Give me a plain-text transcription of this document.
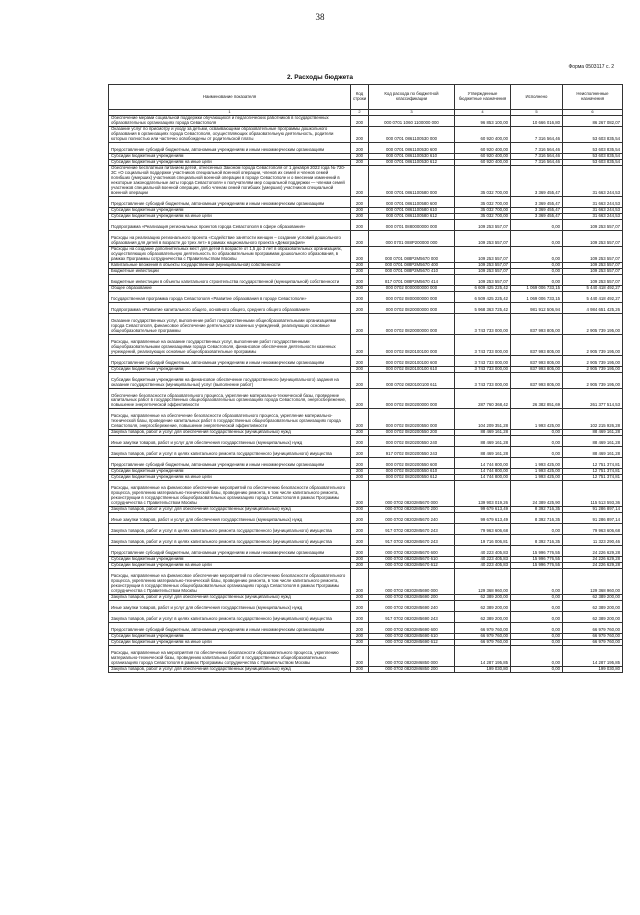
38
Форма 0503117 с. 2
2. Расходы бюджета
Наименование показателя	Код строки	Код расхода по бюджетной классификации	Утвержденные бюджетные назначения	Исполнено	Неисполненные назначения
1	2	3	4	5	6
Обеспечение мерами социальной поддержки обучающихся и педагогических работников в государственных образовательных организациях города Севастополя	200	000 0701 1060 1100000 000	96 853 100,00	10 666 016,80	86 267 082,07
Оказание услуг по присмотру и уходу за детьми, осваивающими образовательные программы дошкольного образования в организациях города Севастополя, осуществляющих образовательную деятельность, родители которых полностью или частично освобождены от родительской платы	200	000 0701 0861100530 000	60 920 400,00	7 316 564,46	53 603 835,54
Предоставление субсидий бюджетным, автономным учреждениям и иным некоммерческим организациям	200	000 0701 0861100530 600	60 920 400,00	7 316 564,46	53 603 835,54
Субсидии бюджетным учреждениям	200	000 0701 0861100530 610	60 920 400,00	7 316 564,46	53 603 835,54
Субсидии бюджетным учреждениям на иные цели	200	000 0701 0861100530 612	60 920 400,00	7 316 564,46	53 603 835,54
Обеспечение бесплатным питанием детей, отнесенных Законом города Севастополя от 1 декабря 2022 года № 720-ЗС «О социальной поддержке участников специальной военной операции, членов их семей и членов семей погибших (умерших) участников специальной военной операции в городе Севастополе и о внесении изменений в некоторые законодательные акты города Севастополя» к получателям мер социальной поддержки — членам семей участников специальной военной операции, либо членам семей погибших (умерших) участников специальной военной операции	200	000 0701 0861100580 000	35 032 700,00	3 369 455,47	31 663 244,53
Предоставление субсидий бюджетным, автономным учреждениям и иным некоммерческим организациям	200	000 0701 0861100580 600	35 032 700,00	3 369 455,47	31 663 244,53
Субсидии бюджетным учреждениям	200	000 0701 0861100580 610	35 032 700,00	3 369 455,47	31 663 244,53
Субсидии бюджетным учреждениям на иные цели	200	000 0701 0861100580 612	35 032 700,00	3 369 455,47	31 663 244,53
Подпрограмма «Реализация региональных проектов города Севастополя в сфере образования»	200	000 0701 0880000000 000	109 253 557,07	0,00	109 253 557,07
Расходы на реализацию регионального проекта «Содействие занятости женщин – создание условий дошкольного образования для детей в возрасте до трех лет» в рамках национального проекта «Демография»	200	000 0701 088P200000 000	109 253 557,07	0,00	109 253 557,07
Расходы на создание дополнительных мест для детей в возрасте от 1,5 до 3 лет в образовательных организациях, осуществляющих образовательную деятельность по образовательным программам дошкольного образования, в рамках Программы сотрудничества с Правительством Москвы	200	000 0701 088P2М5670 000	109 253 557,07	0,00	109 253 557,07
Капитальные вложения в объекты государственной (муниципальной) собственности	200	000 0701 088P2М5670 400	109 253 557,07	0,00	109 253 557,07
Бюджетные инвестиции	200	000 0701 088P2М5670 410	109 253 557,07	0,00	109 253 557,07
Бюджетные инвестиции в объекты капитального строительства государственной (муниципальной) собственности	200	817 0701 088P2М5670 414	109 253 557,07	0,00	109 253 557,07
Общее образование	200	000 0702 0000000000 000	6 609 425 225,42	1 069 006 733,15	5 440 418 492,27
Государственная программа города Севастополя «Развитие образования в городе Севастополе»	200	000 0702 0800000000 000	6 509 425 225,42	1 069 006 733,15	5 440 418 492,27
Подпрограмма «Развитие капитального общего, основного общего, среднего общего образования»	200	000 0702 0820000000 000	5 968 363 725,42	981 912 506,94	4 984 651 425,26
Оказание государственных услуг, выполнение работ государственными общеобразовательными организациями города Севастополя, финансовое обеспечение деятельности казенных учреждений, реализующих основные общеобразовательные программы	200	000 0702 0820000000 000	3 743 733 000,00	837 993 805,00	2 905 739 195,00
Расходы, направленные на оказание государственных услуг, выполнение работ государственными общеобразовательными организациями города Севастополя, финансовое обеспечение деятельности казенных учреждений, реализующих основные общеобразовательные программы	200	000 0702 0820100100 000	3 743 733 000,00	837 993 805,00	2 905 739 195,00
Предоставление субсидий бюджетным, автономным учреждениям и иным некоммерческим организациям	200	000 0702 0820100100 600	3 743 733 000,00	837 993 805,00	2 905 739 195,00
Субсидии бюджетным учреждениям	200	000 0702 0820100100 610	3 743 733 000,00	837 993 805,00	2 905 739 195,00
Субсидии бюджетным учреждениям на финансовое обеспечение государственного (муниципального) задания на оказание государственных (муниципальных) услуг (выполнение работ)	200	000 0702 0820100100 611	3 743 733 000,00	837 993 805,00	2 905 739 195,00
Обеспечение безопасности образовательного процесса, укрепление материально-технической базы, проведение капитальных работ в государственных общеобразовательных организациях города Севастополя, энергосбережение, повышение энергетической эффективности	200	000 0702 0820200000 000	287 760 368,42	26 382 851,69	261 377 514,53
Расходы, направленные на обеспечение безопасности образовательного процесса, укрепление материально-технической базы, проведение капитальных работ в государственных общеобразовательных организациях города Севастополя, энергосбережение, повышение энергетической эффективности	200	000 0702 0820200550 000	104 209 351,28	1 993 425,00	102 215 926,28
Закупка товаров, работ и услуг для обеспечения государственных (муниципальных) нужд	200	000 0702 0820200550 200	88 469 161,28	0,00	88 469 161,28
Иные закупки товаров, работ и услуг для обеспечения государственных (муниципальных) нужд	200	000 0702 0820200550 240	88 469 161,28	0,00	88 469 161,28
Закупка товаров, работ и услуг в целях капитального ремонта государственного (муниципального) имущества	200	917 0702 0820200550 243	88 469 161,28	0,00	88 469 161,28
Предоставление субсидий бюджетным, автономным учреждениям и иным некоммерческим организациям	200	000 0702 0820200550 600	14 744 800,00	1 993 425,00	12 751 374,81
Субсидии бюджетным учреждениям	200	000 0702 0820200550 610	14 744 800,00	1 993 425,00	12 751 374,81
Субсидии бюджетным учреждениям на иные цели	200	000 0702 0820200550 612	14 744 800,00	1 993 425,00	12 751 374,81
Расходы, направленные на финансовое обеспечение мероприятий по обеспечению безопасности образовательного процесса, укреплению материально-технической базы, проведению ремонта, в том числе капитального ремонта, реконструкции в государственных общеобразовательных организациях города Севастополя в рамках Программы сотрудничества с Правительством Москвы	200	000 0702 08202М5670 000	139 903 019,26	24 389 425,90	115 513 593,36
Закупка товаров, работ и услуг для обеспечения государственных (муниципальных) нужд	200	000 0702 08202М5670 200	99 679 613,49	8 392 716,35	91 286 897,14
Иные закупки товаров, работ и услуг для обеспечения государственных (муниципальных) нужд	200	000 0702 08202М5670 240	99 679 613,49	8 392 716,35	91 286 897,14
Закупка товаров, работ и услуг в целях капитального ремонта государственного (муниципального) имущества	200	917 0702 08202М5670 243	79 963 606,68	0,00	79 963 606,68
Закупка товаров, работ и услуг в целях капитального ремонта государственного (муниципального) имущества	200	917 0702 08202М5670 243	19 716 006,81	8 392 716,35	11 323 290,46
Предоставление субсидий бюджетным, автономным учреждениям и иным некоммерческим организациям	200	000 0702 08202М5670 600	40 223 405,83	15 996 776,55	24 226 629,28
Субсидии бюджетным учреждениям	200	000 0702 08202М5670 610	40 223 405,83	15 996 776,55	24 226 629,28
Субсидии бюджетным учреждениям на иные цели	200	000 0702 08202М5670 612	40 223 405,83	15 996 776,55	24 226 629,28
Расходы, направленные на финансовое обеспечение мероприятий по обеспечению безопасности образовательного процесса, укреплению материально-технической базы, проведению ремонта, в том числе капитального ремонта, реконструкции в государственных общеобразовательных организациях города Севастополя в рамках Программы сотрудничества с Правительством Москвы	200	000 0702 08202М5690 000	129 368 960,00	0,00	129 368 960,00
Закупка товаров, работ и услуг для обеспечения государственных (муниципальных) нужд	200	000 0702 08202М5690 200	62 389 200,00	0,00	62 389 200,00
Иные закупки товаров, работ и услуг для обеспечения государственных (муниципальных) нужд	200	000 0702 08202М5690 240	62 389 200,00	0,00	62 389 200,00
Закупка товаров, работ и услуг в целях капитального ремонта государственного (муниципального) имущества	200	917 0702 08202М5690 243	62 389 200,00	0,00	62 389 200,00
Предоставление субсидий бюджетным, автономным учреждениям и иным некоммерческим организациям	200	000 0702 08202М5690 600	66 979 760,00	0,00	66 979 760,00
Субсидии бюджетным учреждениям	200	000 0702 08202М5690 610	66 979 760,00	0,00	66 979 760,00
Субсидии бюджетным учреждениям на иные цели	200	000 0702 08202М5690 612	66 979 760,00	0,00	66 979 760,00
Расходы, направленные на мероприятия по обеспечению безопасности образовательного процесса, укреплению материально-технической базы, проведению капитальных работ в государственных общеобразовательных организациях города Севастополя в рамках Программы сотрудничества с Правительством Москвы	200	000 0702 08202М6850 000	14 287 195,85	0,00	14 287 195,85
Закупка товаров, работ и услуг для обеспечения государственных (муниципальных) нужд	200	000 0702 08202М6850 200	199 030,80	0,00	199 030,80
